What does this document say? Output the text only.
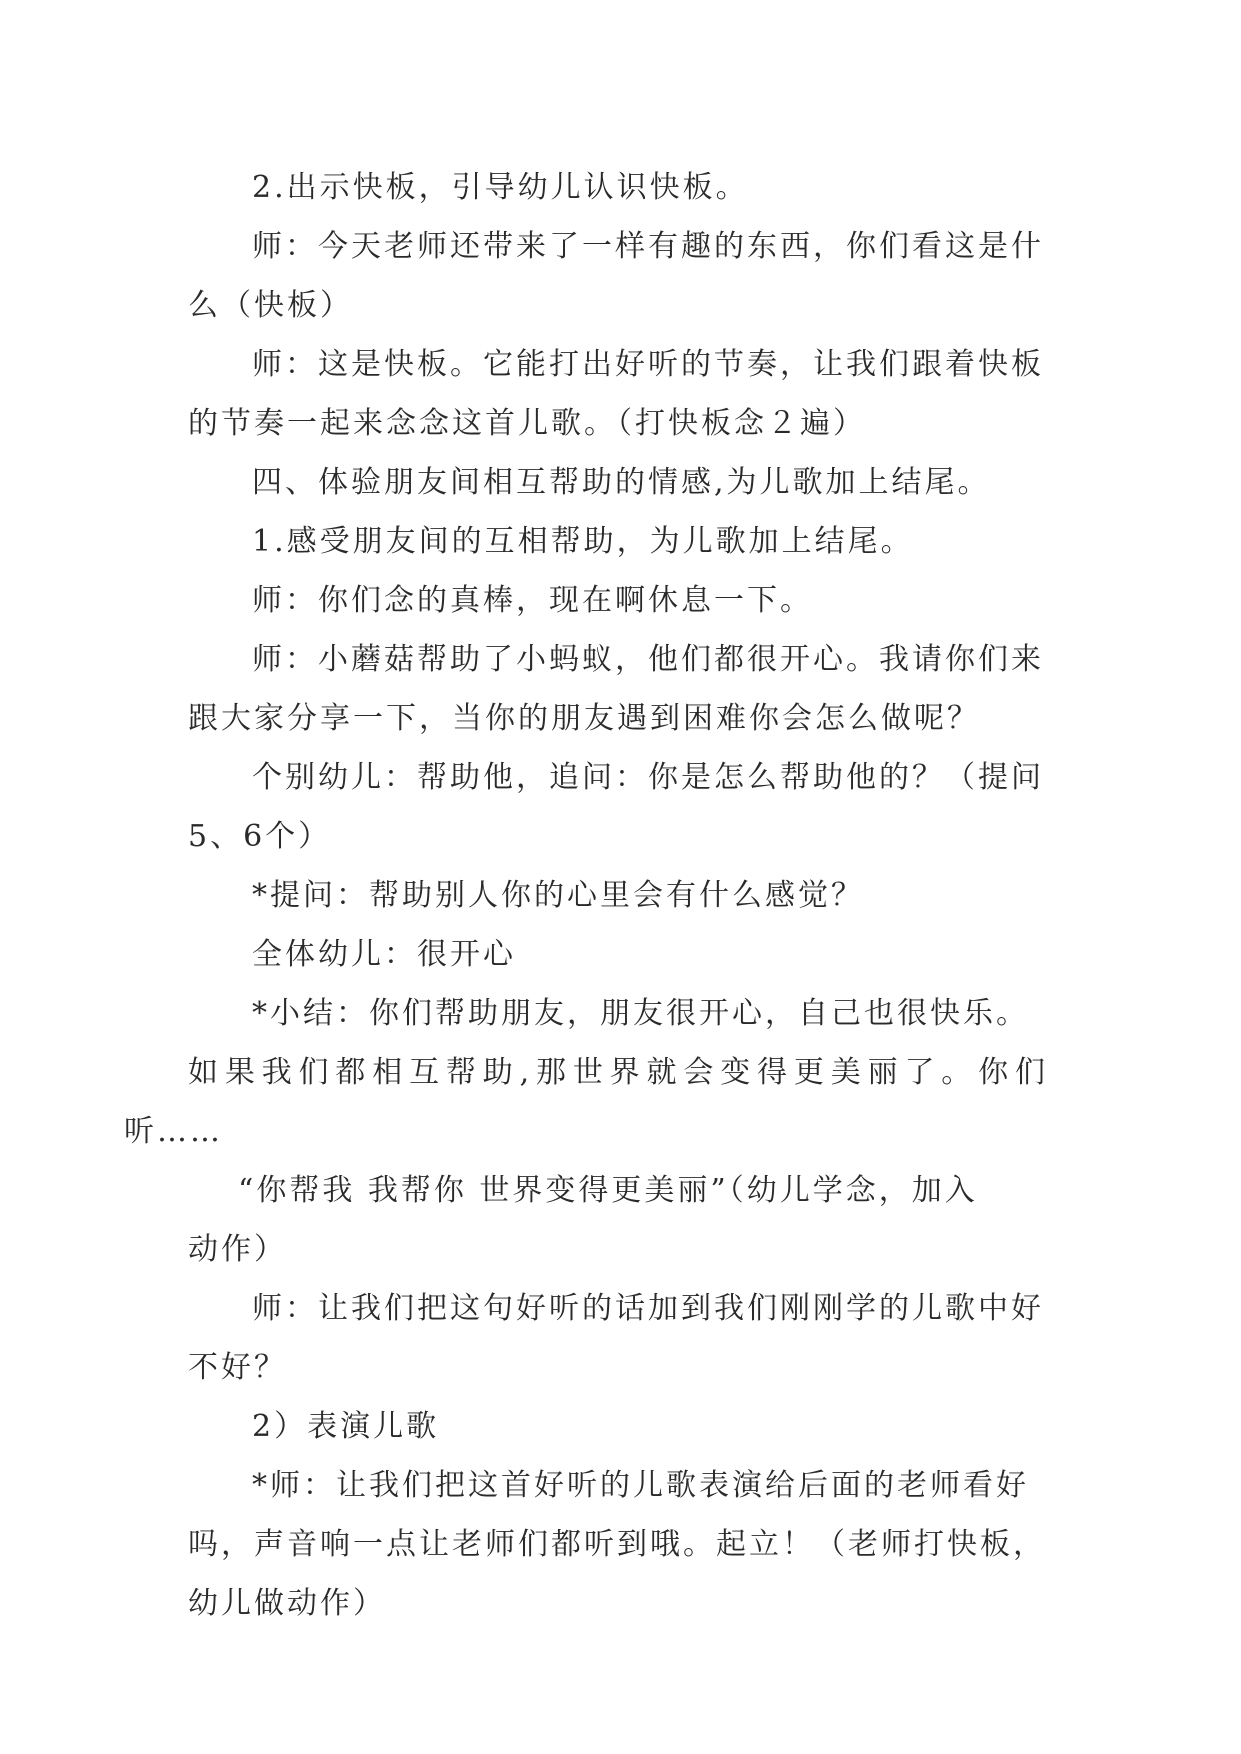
2.出示快板，引导幼儿认识快板。

师：今天老师还带来了一样有趣的东西，你们看这是什
么（快板）

师：这是快板。它能打出好听的节奏，让我们跟着快板
的节奏一起来念念这首儿歌。（打快板念２遍）

四、体验朋友间相互帮助的情感,为儿歌加上结尾。

1.感受朋友间的互相帮助，为儿歌加上结尾。

师：你们念的真棒，现在啊休息一下。

师：小蘑菇帮助了小蚂蚁，他们都很开心。我请你们来
跟大家分享一下，当你的朋友遇到困难你会怎么做呢？

个别幼儿：帮助他，追问：你是怎么帮助他的？（提问
5、6个）

*提问：帮助别人你的心里会有什么感觉？

全体幼儿：很开心

*小结：你们帮助朋友，朋友很开心，自己也很快乐。
如果我们都相互帮助,那世界就会变得更美丽了。你们听……

“你帮我 我帮你 世界变得更美丽”（幼儿学念，加入
动作）

师：让我们把这句好听的话加到我们刚刚学的儿歌中好
不好？

2）表演儿歌

*师：让我们把这首好听的儿歌表演给后面的老师看好
吗，声音响一点让老师们都听到哦。起立！（老师打快板，
幼儿做动作）
